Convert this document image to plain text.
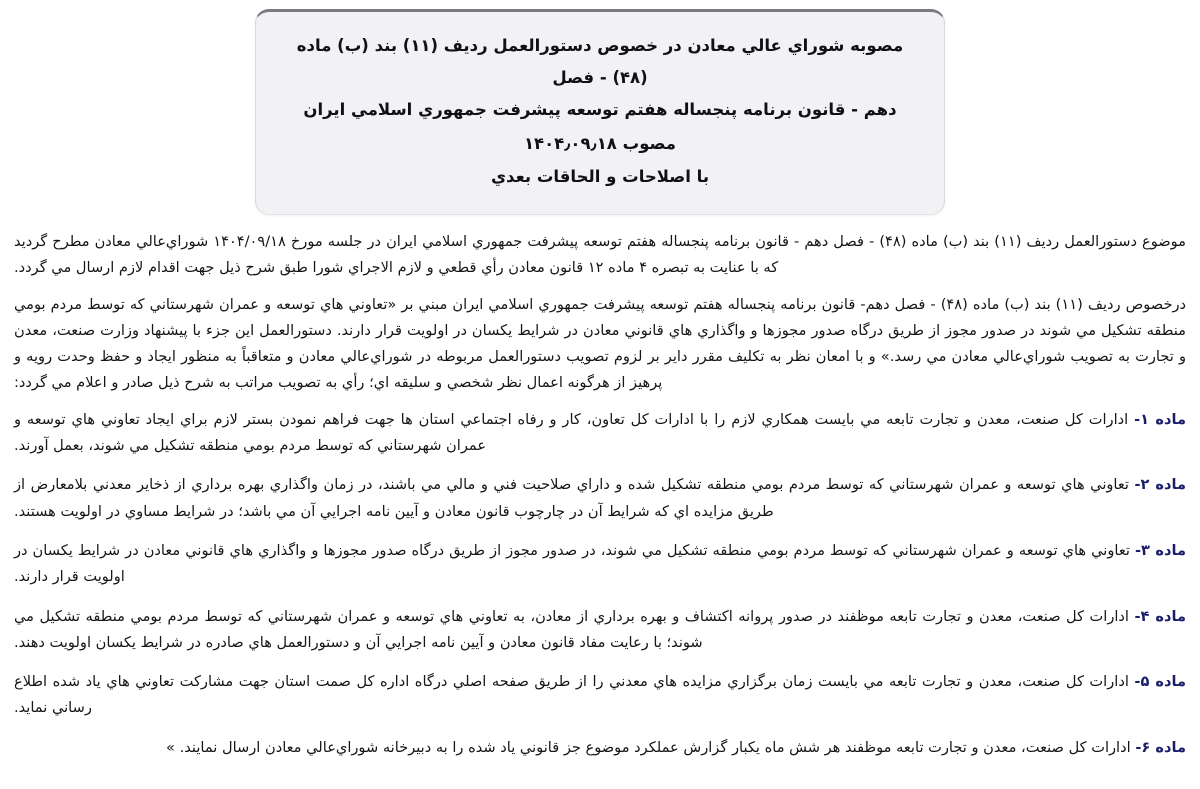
مصوبه شوراي عالي معادن در خصوص دستورالعمل رديف (۱۱) بند (ب) ماده (۴۸) - فصل
دهم - قانون برنامه پنجساله هفتم توسعه پيشرفت جمهوري اسلامي ايران
مصوب ۱۴۰۴٫۰۹٫۱۸
با اصلاحات و الحاقات بعدي

موضوع دستورالعمل رديف (۱۱) بند (ب) ماده (۴۸) - فصل دهم - قانون برنامه پنجساله هفتم توسعه پيشرفت جمهوري اسلامي ايران در جلسه مورخ ۱۴۰۴/۰۹/۱۸ شوراي‌عالي معادن مطرح گرديد که با عنايت به تبصره ۴ ماده ۱۲ قانون معادن رأي قطعي و لازم الاجراي شورا طبق شرح ذيل جهت اقدام لازم ارسال مي گردد.

درخصوص رديف (۱۱) بند (ب) ماده (۴۸) - فصل دهم- قانون برنامه پنجساله هفتم توسعه پيشرفت جمهوري اسلامي ايران مبني بر «تعاوني هاي توسعه و عمران شهرستاني که توسط مردم بومي منطقه تشکيل مي شوند در صدور مجوز از طريق درگاه صدور مجوزها و واگذاري هاي قانوني معادن در شرايط يکسان در اولويت قرار دارند. دستورالعمل اين جزء با پيشنهاد وزارت صنعت، معدن و تجارت به تصويب شوراي‌عالي معادن مي رسد.» و با امعان نظر به تکليف مقرر داير بر لزوم تصويب دستورالعمل مربوطه در شوراي‌عالي معادن و متعاقباً به منظور ايجاد و حفظ وحدت رويه و پرهيز از هرگونه اعمال نظر شخصي و سليقه اي؛ رأي به تصويب مراتب به شرح ذيل صادر و اعلام مي گردد:

ماده ۱- ادارات کل صنعت، معدن و تجارت تابعه مي بايست همکاري لازم را با ادارات کل تعاون، کار و رفاه اجتماعي استان ها جهت فراهم نمودن بستر لازم براي ايجاد تعاوني هاي توسعه و عمران شهرستاني که توسط مردم بومي منطقه تشکيل مي شوند، بعمل آورند.

ماده ۲- تعاوني هاي توسعه و عمران شهرستاني که توسط مردم بومي منطقه تشکيل شده و داراي صلاحيت فني و مالي مي باشند، در زمان واگذاري بهره برداري از ذخاير معدني بلامعارض از طريق مزايده اي که شرايط آن در چارچوب قانون معادن و آيين نامه اجرايي آن مي باشد؛ در شرايط مساوي در اولويت هستند.

ماده ۳- تعاوني هاي توسعه و عمران شهرستاني که توسط مردم بومي منطقه تشکيل مي شوند، در صدور مجوز از طريق درگاه صدور مجوزها و واگذاري هاي قانوني معادن در شرايط يکسان در اولويت قرار دارند.

ماده ۴- ادارات کل صنعت، معدن و تجارت تابعه موظفند در صدور پروانه اکتشاف و بهره برداري از معادن، به تعاوني هاي توسعه و عمران شهرستاني که توسط مردم بومي منطقه تشکيل مي شوند؛ با رعايت مفاد قانون معادن و آيين نامه اجرايي آن و دستورالعمل هاي صادره در شرايط يکسان اولويت دهند.

ماده ۵- ادارات کل صنعت، معدن و تجارت تابعه مي بايست زمان برگزاري مزايده هاي معدني را از طريق صفحه اصلي درگاه اداره کل صمت استان جهت مشارکت تعاوني هاي ياد شده اطلاع رساني نمايد.

ماده ۶- ادارات کل صنعت، معدن و تجارت تابعه موظفند هر شش ماه يکبار گزارش عملکرد موضوع جز قانوني ياد شده را به دبيرخانه شوراي‌عالي معادن ارسال نمايند. »
